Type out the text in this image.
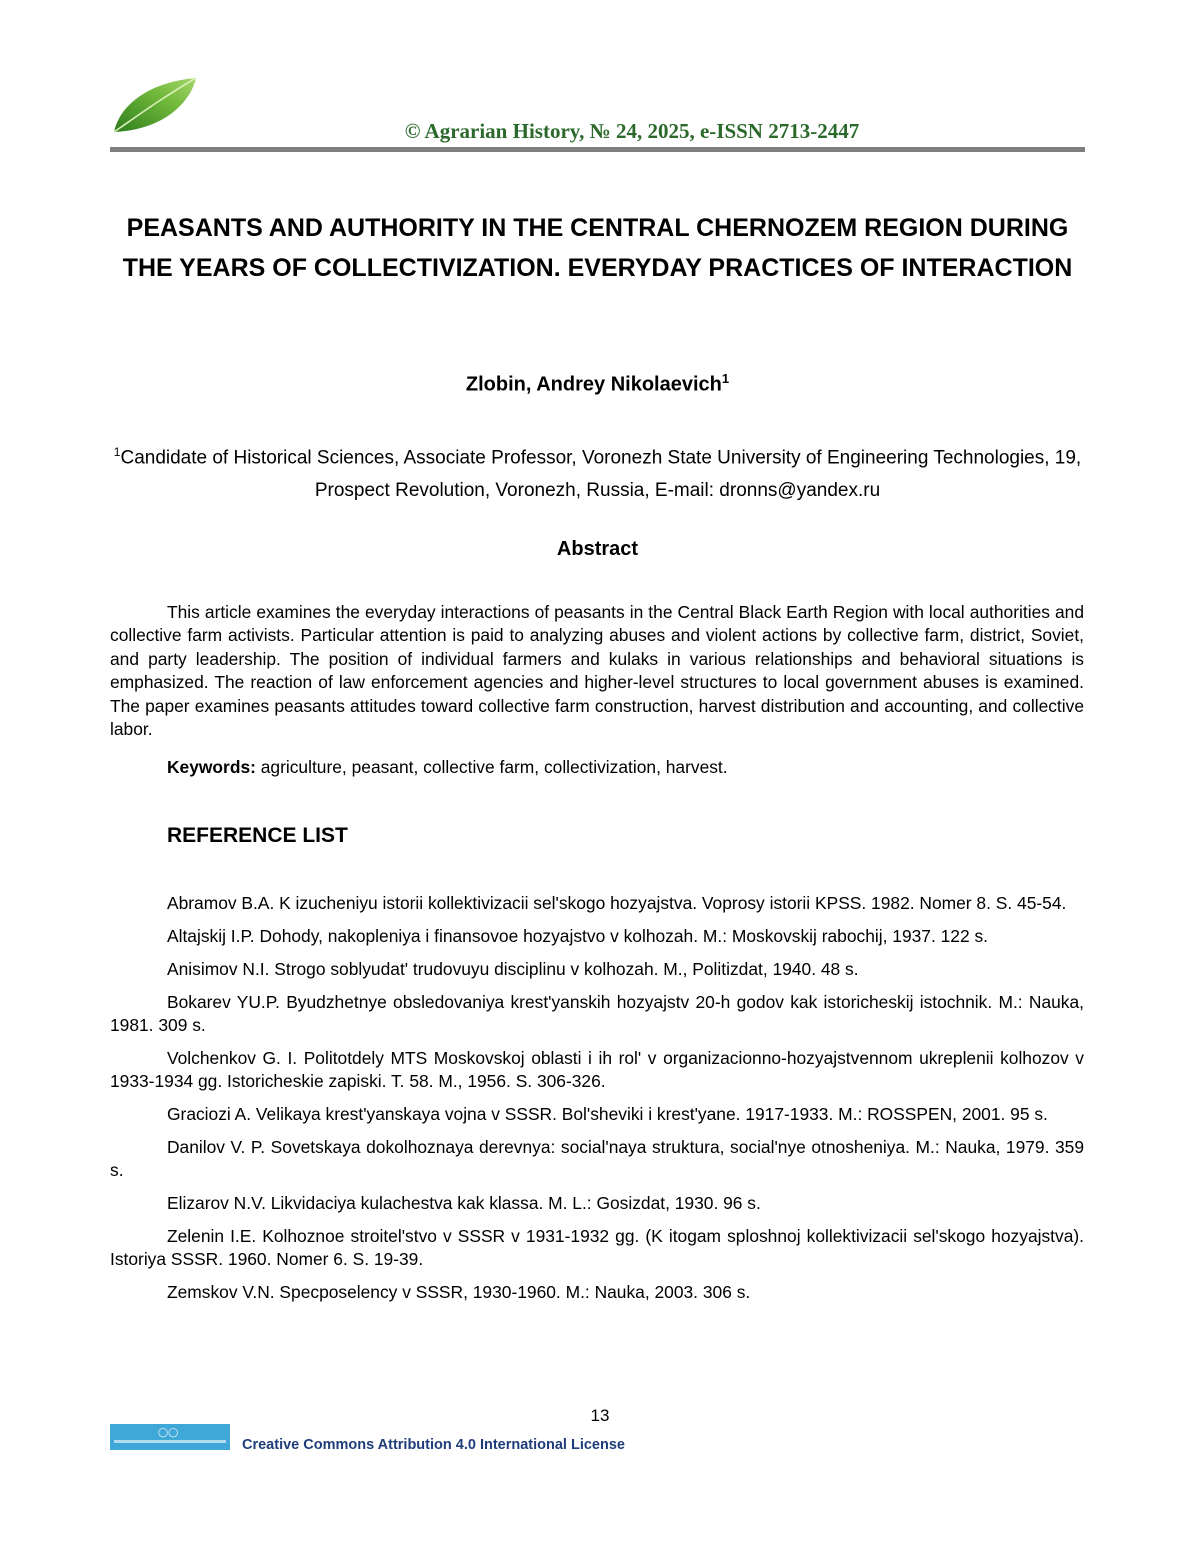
© Agrarian History, № 24, 2025, e-ISSN 2713-2447
PEASANTS AND AUTHORITY IN THE CENTRAL CHERNOZEM REGION DURING THE YEARS OF COLLECTIVIZATION. EVERYDAY PRACTICES OF INTERACTION
Zlobin, Andrey Nikolaevich$^1$
$^1$Candidate of Historical Sciences, Associate Professor, Voronezh State University of Engineering Technologies, 19, Prospect Revolution, Voronezh, Russia, E-mail: dronns@yandex.ru
Abstract

This article examines the everyday interactions of peasants in the Central Black Earth Region with local authorities and collective farm activists. Particular attention is paid to analyzing abuses and violent actions by collective farm, district, Soviet, and party leadership. The position of individual farmers and kulaks in various relationships and behavioral situations is emphasized. The reaction of law enforcement agencies and higher-level structures to local government abuses is examined. The paper examines peasants attitudes toward collective farm construction, harvest distribution and accounting, and collective labor.

Keywords: agriculture, peasant, collective farm, collectivization, harvest.

REFERENCE LIST

Abramov B.A. K izucheniyu istorii kollektivizacii sel'skogo hozyajstva. Voprosy istorii KPSS. 1982. Nomer 8. S. 45-54.

Altajskij I.P. Dohody, nakopleniya i finansovoe hozyajstvo v kolhozah. M.: Moskovskij rabochij, 1937. 122 s.

Anisimov N.I. Strogo soblyudat' trudovuyu disciplinu v kolhozah. M., Politizdat, 1940. 48 s.

Bokarev YU.P. Byudzhetnye obsledovaniya krest'yanskih hozyajstv 20-h godov kak istoricheskij istochnik. M.: Nauka, 1981. 309 s.

Volchenkov G. I. Politotdely MTS Moskovskoj oblasti i ih rol' v organizacionno-hozyajstvennom ukreplenii kolhozov v 1933-1934 gg. Istoricheskie zapiski. T. 58. M., 1956. S. 306-326.

Graciozi A. Velikaya krest'yanskaya vojna v SSSR. Bol'sheviki i krest'yane. 1917-1933. M.: ROSSPEN, 2001. 95 s.

Danilov V. P. Sovetskaya dokolhoznaya derevnya: social'naya struktura, social'nye otnosheniya. M.: Nauka, 1979. 359 s.

Elizarov N.V. Likvidaciya kulachestva kak klassa. M. L.: Gosizdat, 1930. 96 s.

Zelenin I.E. Kolhoznoe stroitel'stvo v SSSR v 1931-1932 gg. (K itogam sploshnoj kollektivizacii sel'skogo hozyajstva). Istoriya SSSR. 1960. Nomer 6. S. 19-39.

Zemskov V.N. Specposelency v SSSR, 1930-1960. M.: Nauka, 2003. 306 s.

13
◯◯
Creative Commons Attribution 4.0 International License
